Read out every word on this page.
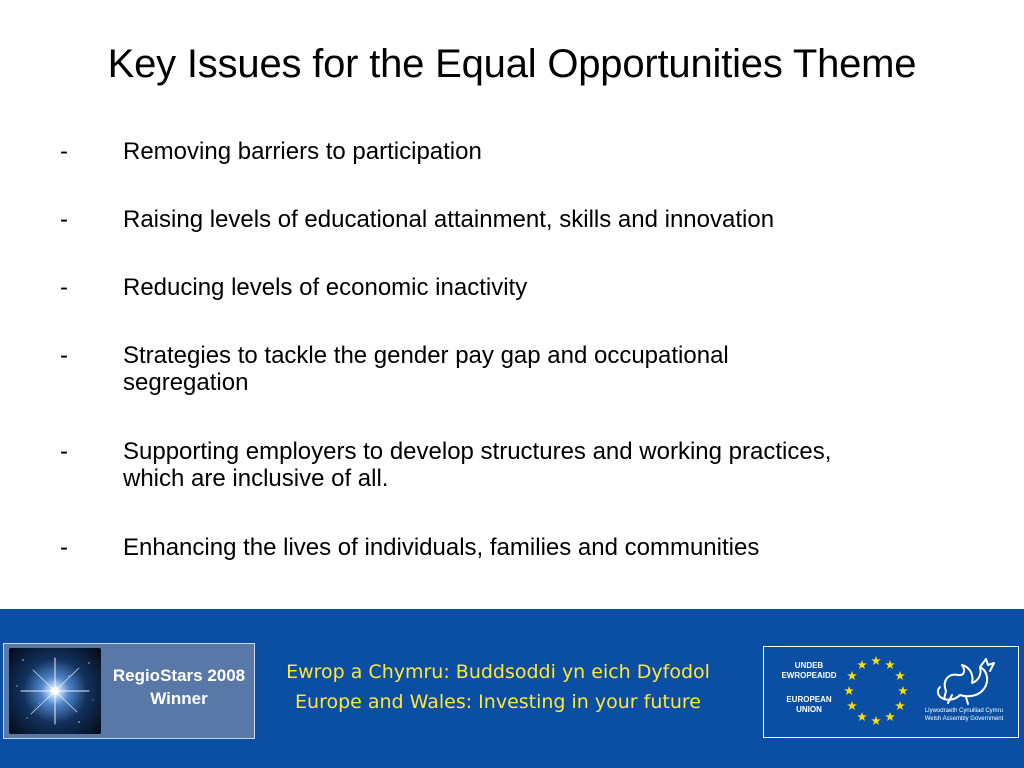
Key Issues for the Equal Opportunities Theme
- Removing barriers to participation
- Raising levels of educational attainment, skills and innovation
- Reducing levels of economic inactivity
- Strategies to tackle the gender pay gap and occupational
segregation
- Supporting employers to develop structures and working practices,
which are inclusive of all.
- Enhancing the lives of individuals, families and communities
RegioStars 2008
Winner
Ewrop a Chymru: Buddsoddi yn eich Dyfodol
Europe and Wales: Investing in your future
UNDEB
EWROPEAIDD
EUROPEAN
UNION	Llywodraeth Cynulliad Cymru
Welsh Assembly Government
